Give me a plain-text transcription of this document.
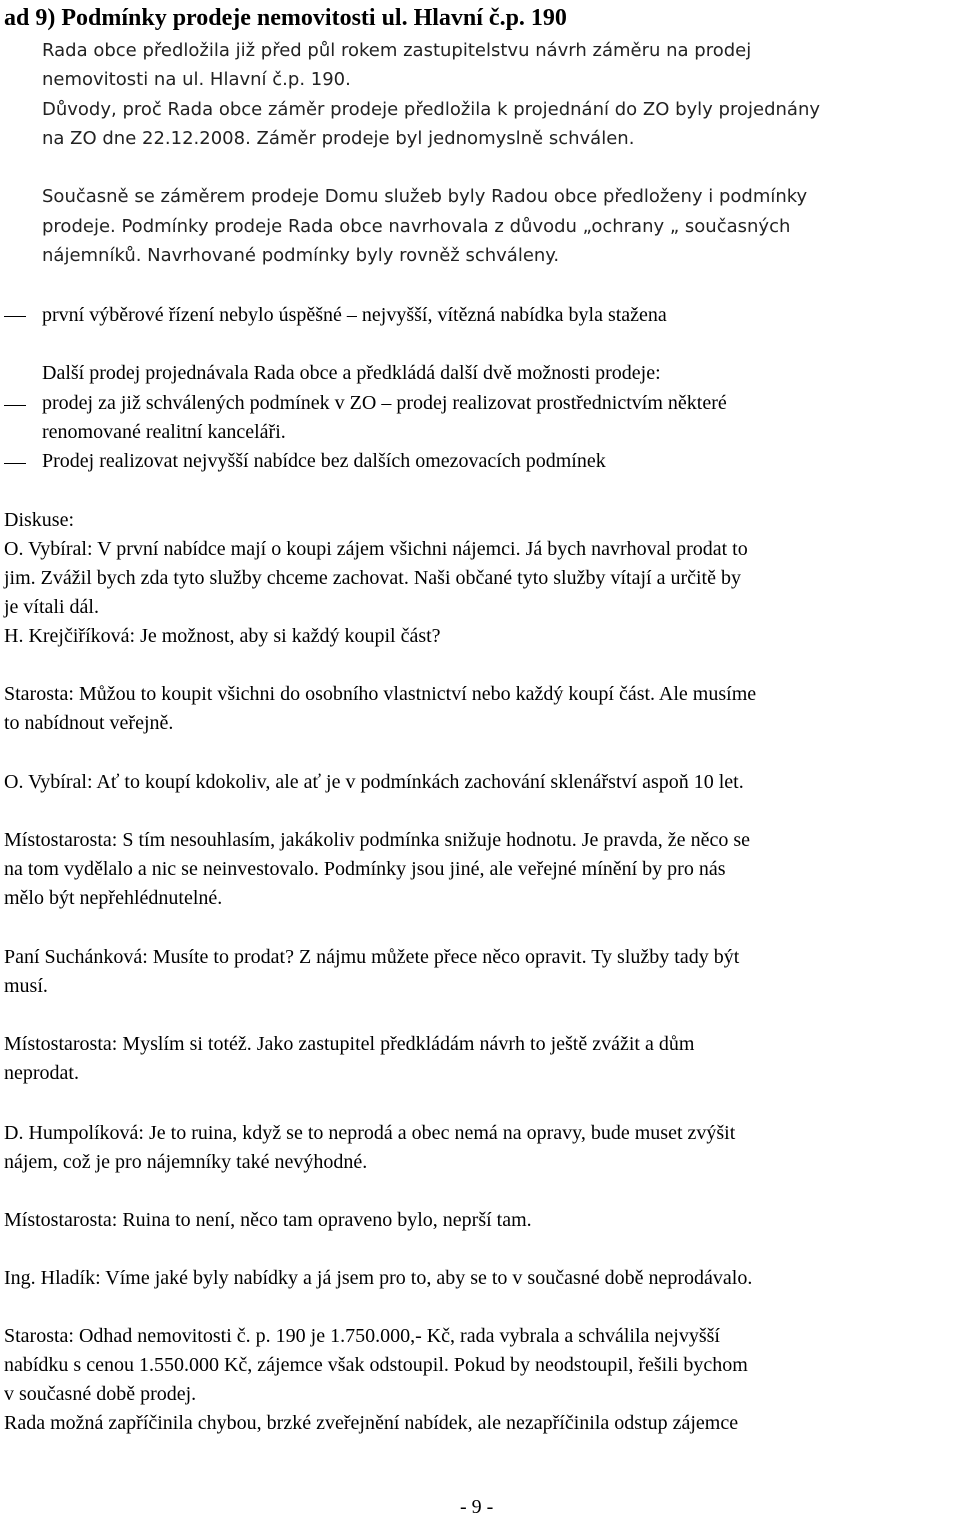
ad 9) Podmínky prodeje nemovitosti ul. Hlavní č.p. 190
Rada obce předložila již před půl rokem zastupitelstvu návrh záměru na prodej
nemovitosti na ul. Hlavní č.p. 190.
Důvody, proč Rada obce záměr prodeje předložila k projednání do ZO byly projednány
na ZO dne 22.12.2008. Záměr prodeje byl jednomyslně schválen.
Současně se záměrem prodeje Domu služeb byly Radou obce předloženy i podmínky
prodeje. Podmínky prodeje Rada obce navrhovala z důvodu „ochrany „ současných
nájemníků. Navrhované podmínky byly rovněž schváleny.
první výběrové řízení nebylo úspěšné – nejvyšší, vítězná nabídka byla stažena
Další prodej projednávala Rada obce a předkládá další dvě možnosti prodeje:
prodej za již schválených podmínek v ZO – prodej realizovat prostřednictvím některé
renomované realitní kanceláři.
Prodej realizovat nejvyšší nabídce bez dalších omezovacích podmínek
Diskuse:
O. Vybíral: V první nabídce mají o koupi zájem všichni nájemci. Já bych navrhoval prodat to
jim. Zvážil bych zda tyto služby chceme zachovat. Naši občané tyto služby vítají a určitě by
je vítali dál.
H. Krejčiříková: Je možnost, aby si každý koupil část?
Starosta: Můžou to koupit všichni do osobního vlastnictví nebo každý koupí část. Ale musíme
to nabídnout veřejně.
O. Vybíral: Ať to koupí kdokoliv, ale ať je v podmínkách zachování sklenářství aspoň 10 let.
Místostarosta: S tím nesouhlasím, jakákoliv podmínka snižuje hodnotu. Je pravda, že něco se
na tom vydělalo a nic se neinvestovalo. Podmínky jsou jiné, ale veřejné mínění by pro nás
mělo být nepřehlédnutelné.
Paní Suchánková: Musíte to prodat? Z nájmu můžete přece něco opravit. Ty služby tady být
musí.
Místostarosta: Myslím si totéž. Jako zastupitel předkládám návrh to ještě zvážit a dům
neprodat.
D. Humpolíková: Je to ruina, když se to neprodá a obec nemá na opravy, bude muset zvýšit
nájem, což je pro nájemníky také nevýhodné.
Místostarosta: Ruina to není, něco tam opraveno bylo, neprší tam.
Ing. Hladík: Víme jaké byly nabídky a já jsem pro to, aby se to v současné době neprodávalo.
Starosta: Odhad nemovitosti č. p. 190 je 1.750.000,- Kč, rada vybrala a schválila nejvyšší
nabídku s cenou 1.550.000 Kč, zájemce však odstoupil. Pokud by neodstoupil, řešili bychom
v současné době prodej.
Rada možná zapříčinila chybou, brzké zveřejnění nabídek, ale nezapříčinila odstup zájemce
- 9 -
